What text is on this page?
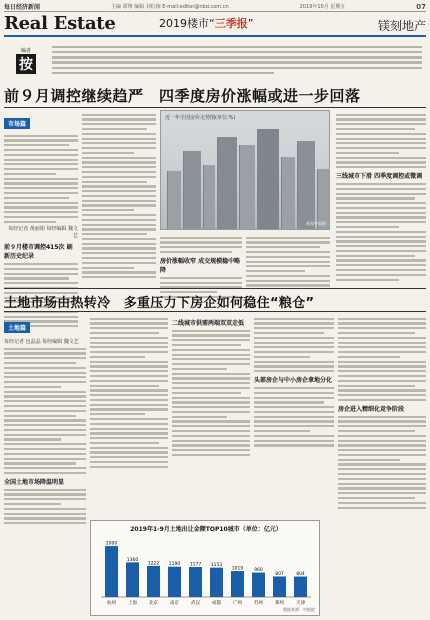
每日经济新闻	主编 谭翔 编辑 刘红梅 E-mail:editor@nbd.com.cn	2019年10月 星期五	07
Real Estate	2019楼市“三季报”	镁刻地产
编者
按
前９月调控继续趋严　四季度房价涨幅或进一步回落
市场篇
每经记者 黄丽娟 每经编辑 魏文艺
前９月楼市调控415次 刷新历史纪录
近一年全国房价走势图(单位:%)
视觉中国图
房价涨幅收窄 成交规模稳中略降
三线城市下滑 四季度调控或微调
土地市场由热转冷　多重压力下房企如何稳住“粮仓”
土地篇
每经记者 包晶晶 每经编辑 魏文艺
全国土地市场降温明显
二线城市供需两端双双走低
头部房企与中小房企拿地分化
房企进入精细化竞争阶段
2019年1-9月土地出让金额TOP10城市（单位：亿元）
2000
杭州
1360
上海
1222
北京
1190
南京
1177
武汉
1153
成都
1019
广州
960
苏州
807
郑州
804
天津
数据来源：中指院
